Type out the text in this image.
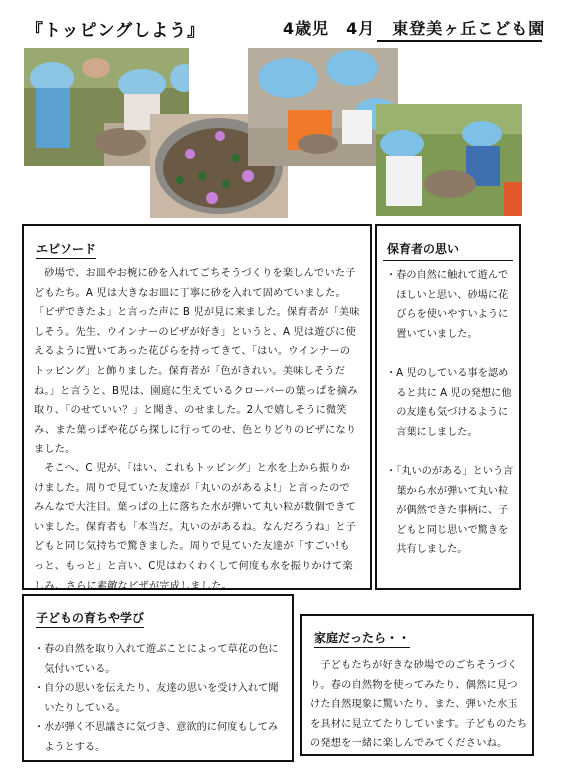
『トッピングしよう』	4歳児　4月　東登美ヶ丘こども園
エピソード
砂場で、お皿やお椀に砂を入れてごちそうづくりを楽しんでいた子どもたち。A 児は大きなお皿に丁寧に砂を入れて固めていました。「ピザできたよ」と言った声に B 児が見に来ました。保育者が「美味しそう。先生、ウインナーのピザが好き」というと、A 児は遊びに使えるように置いてあった花びらを持ってきて、「はい。ウインナーのトッピング」と飾りました。保育者が「色がきれい。美味しそうだね。」と言うと、B児は、園庭に生えているクローバーの葉っぱを摘み取り、「のせていい？」と聞き、のせました。2人で嬉しそうに微笑み、また葉っぱや花びら探しに行ってのせ、色とりどりのピザになりました。
そこへ、C 児が、「はい、これもトッピング」と水を上から振りかけました。周りで見ていた友達が「丸いのがあるよ!」と言ったのでみんなで大注目。葉っぱの上に落ちた水が弾いて丸い粒が数個できていました。保育者も「本当だ。丸いのがあるね。なんだろうね」と子どもと同じ気持ちで驚きました。周りで見ていた友達が「すごい!もっと、もっと」と言い、C児はわくわくして何度も水を振りかけて楽しみ、さらに素敵なピザが完成しました。
保育者の思い
・春の自然に触れて遊んでほしいと思い、砂場に花びらを使いやすいように置いていました。
・A 児のしている事を認めると共に A 児の発想に他の友達も気づけるように言葉にしました。
・「丸いのがある」という言葉から水が弾いて丸い粒が偶然できた事柄に、子どもと同じ思いで驚きを共有しました。
子どもの育ちや学び
・春の自然を取り入れて遊ぶことによって草花の色に気付いている。
・自分の思いを伝えたり、友達の思いを受け入れて聞いたりしている。
・水が弾く不思議さに気づき、意欲的に何度もしてみようとする。
家庭だったら・・
子どもたちが好きな砂場でのごちそうづくり。春の自然物を使ってみたり、偶然に見つけた自然現象に驚いたり、また、弾いた水玉を具材に見立てたりしています。子どものたちの発想を一緒に楽しんでみてくださいね。
